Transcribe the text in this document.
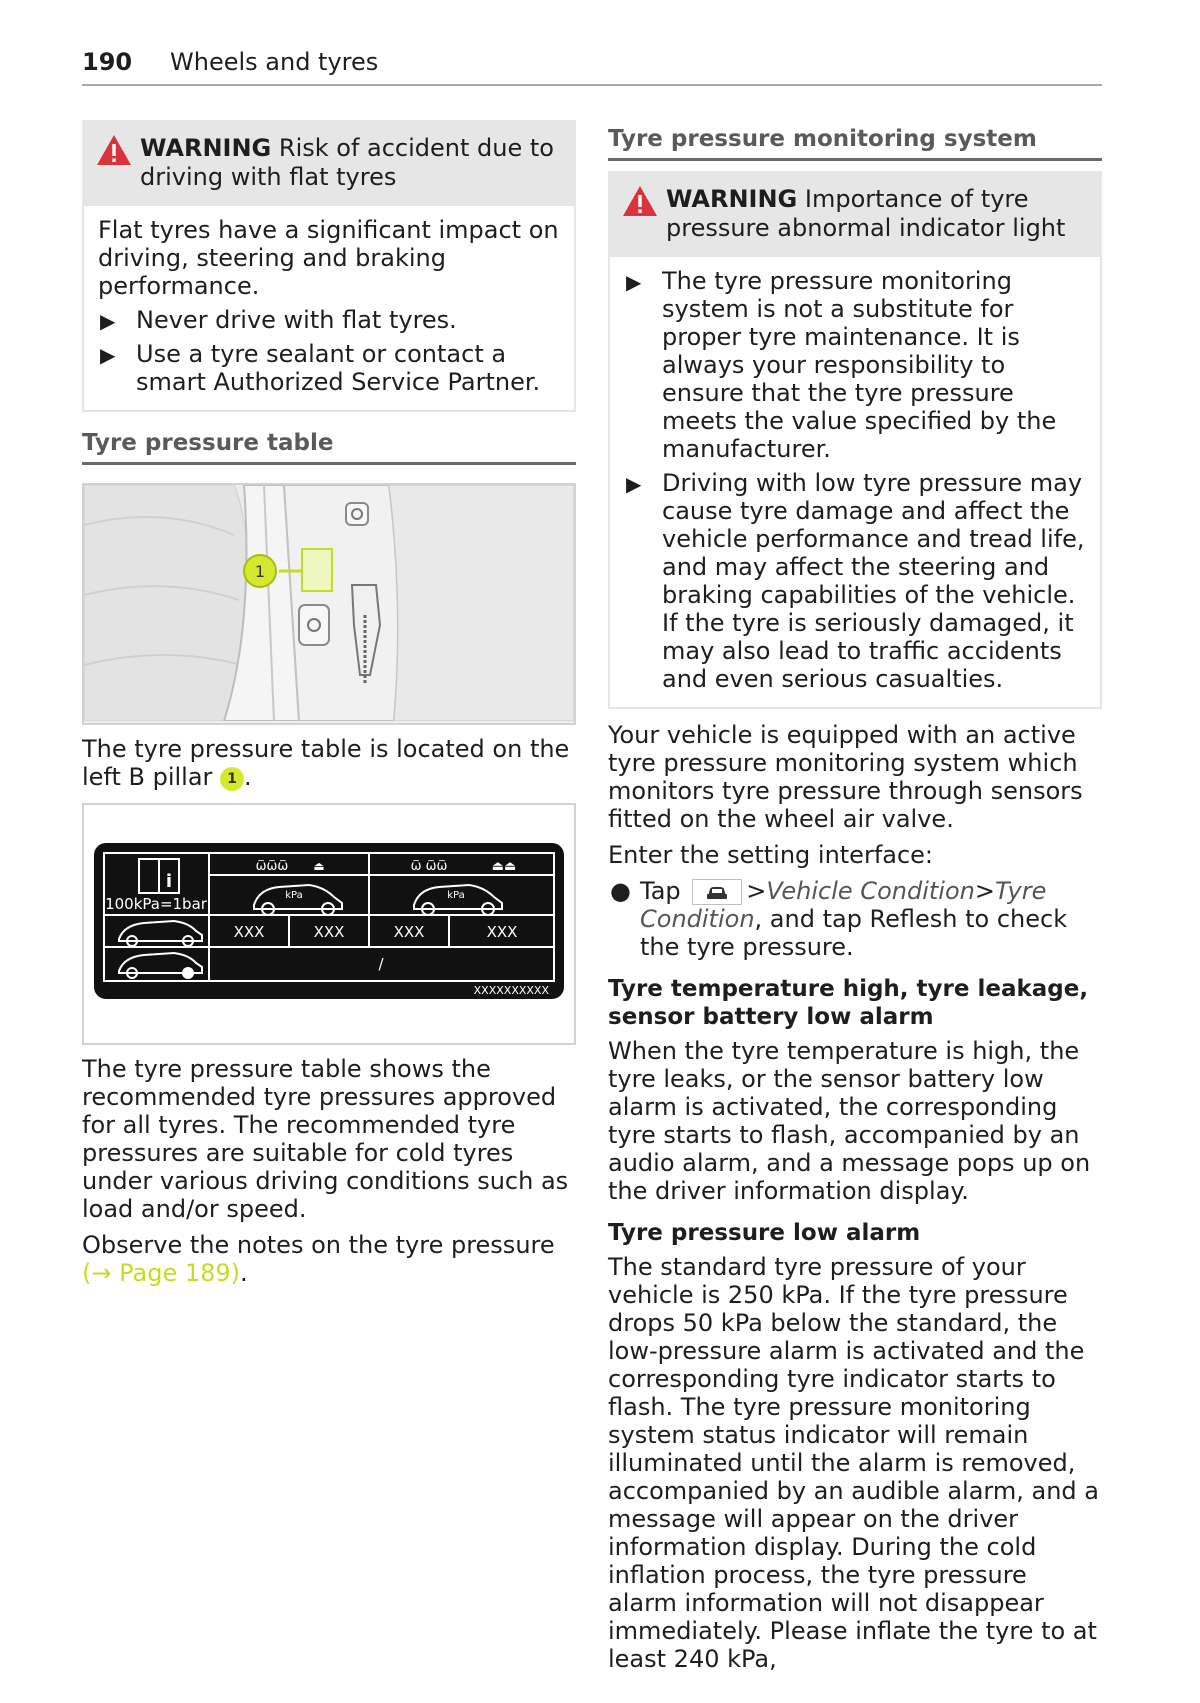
190 Wheels and tyres
WARNING Risk of accident due to driving with flat tyres

Flat tyres have a significant impact on driving, steering and braking performance.

▶ Never drive with flat tyres.
▶ Use a tyre sealant or contact a smart Authorized Service Partner.
Tyre pressure table
1

The tyre pressure table is located on the left B pillar 1 .

i
100kPa=1bar
ѿѿѿ ⏏	ѿ ѿѿ	⏏⏏
kPa	kPa
XXX	XXX	XXX	XXX
/
XXXXXXXXXX

The tyre pressure table shows the recommended tyre pressures approved for all tyres. The recommended tyre pressures are suitable for cold tyres under various driving conditions such as load and/or speed.

Observe the notes on the tyre pressure (→ Page 189).

Tyre pressure monitoring system
WARNING Importance of tyre pressure abnormal indicator light
▶ The tyre pressure monitoring system is not a substitute for proper tyre maintenance. It is always your responsibility to ensure that the tyre pressure meets the value specified by the manufacturer.
▶ Driving with low tyre pressure may cause tyre damage and affect the vehicle performance and tread life, and may affect the steering and braking capabilities of the vehicle. If the tyre is seriously damaged, it may also lead to traffic accidents and even serious casualties.

Your vehicle is equipped with an active tyre pressure monitoring system which monitors tyre pressure through sensors fitted on the wheel air valve.

Enter the setting interface:

● Tap	>Vehicle Condition>Tyre Condition, and tap Reflesh to check the tyre pressure.
Tyre temperature high, tyre leakage, sensor battery low alarm

When the tyre temperature is high, the tyre leaks, or the sensor battery low alarm is activated, the corresponding tyre starts to flash, accompanied by an audio alarm, and a message pops up on the driver information display.

Tyre pressure low alarm

The standard tyre pressure of your vehicle is 250 kPa. If the tyre pressure drops 50 kPa below the standard, the low-pressure alarm is activated and the corresponding tyre indicator starts to flash. The tyre pressure monitoring system status indicator will remain illuminated until the alarm is removed, accompanied by an audible alarm, and a message will appear on the driver information display. During the cold inflation process, the tyre pressure alarm information will not disappear immediately. Please inflate the tyre to at least 240 kPa,
